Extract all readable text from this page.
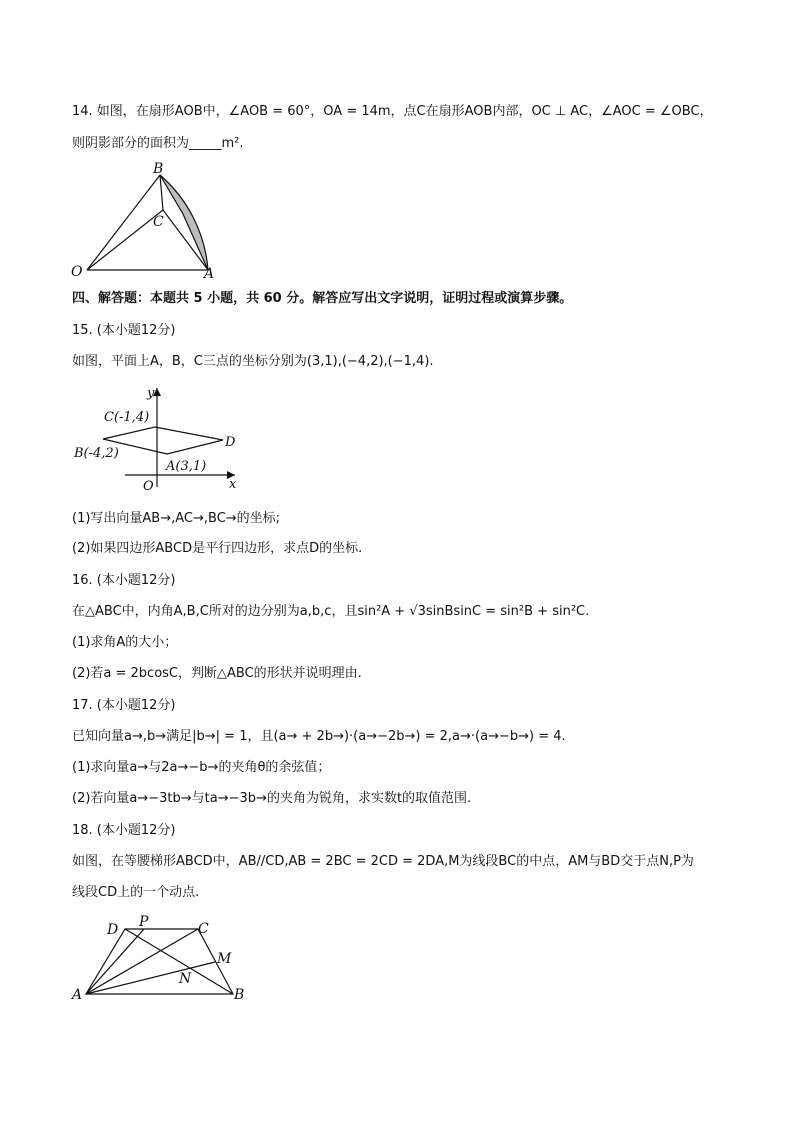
14. 如图，在扇形AOB中，∠AOB = 60°，OA = 14m，点C在扇形AOB内部，OC ⊥ AC，∠AOC = ∠OBC，
则阴影部分的面积为_____m².
B
C
O	A
四、解答题：本题共 5 小题，共 60 分。解答应写出文字说明，证明过程或演算步骤。
15. (本小题12分)
如图，平面上A，B，C三点的坐标分别为(3,1),(−4,2),(−1,4).
y
x
O
C(-1,4)
B(-4,2)
A(3,1)
D
(1)写出向量AB→,AC→,BC→的坐标;
(2)如果四边形ABCD是平行四边形，求点D的坐标.
16. (本小题12分)
在△ABC中，内角A,B,C所对的边分别为a,b,c，且sin²A + √3sinBsinC = sin²B + sin²C.
(1)求角A的大小；
(2)若a = 2bcosC，判断△ABC的形状并说明理由.
17. (本小题12分)
已知向量a→,b→满足|b→| = 1，且(a→ + 2b→)·(a→−2b→) = 2,a→·(a→−b→) = 4.
(1)求向量a→与2a→−b→的夹角θ的余弦值；
(2)若向量a→−3tb→与ta→−3b→的夹角为锐角，求实数t的取值范围.
18. (本小题12分)
如图，在等腰梯形ABCD中，AB//CD,AB = 2BC = 2CD = 2DA,M为线段BC的中点，AM与BD交于点N,P为
线段CD上的一个动点.
D P	C
M
N
A	B
